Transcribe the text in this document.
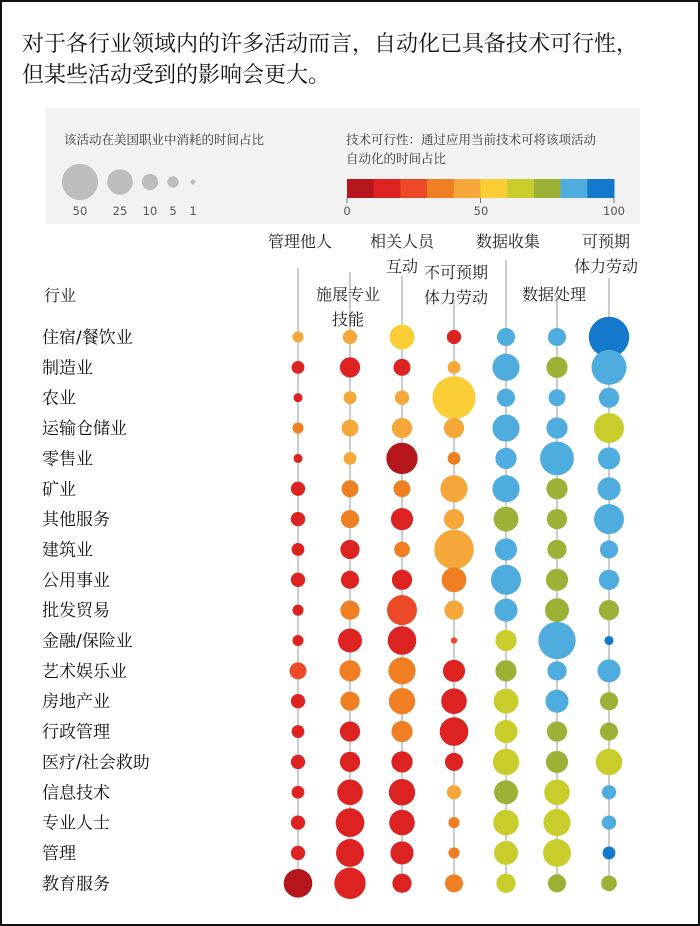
对于各行业领域内的许多活动而言，自动化已具备技术可行性，
但某些活动受到的影响会更大。
该活动在美国职业中消耗的时间占比	技术可行性：通过应用当前技术可将该项活动
自动化的时间占比
50 25 10 5 1	0	50	100
管理他人
施展专业
技能
相关人员
互动 不可预期
体力劳动
数据收集
数据处理
可预期
体力劳动
行业
住宿/餐饮业
制造业
农业
运输仓储业
零售业
矿业
其他服务
建筑业
公用事业
批发贸易
金融/保险业
艺术娱乐业
房地产业
行政管理
医疗/社会救助
信息技术
专业人士
管理
教育服务
